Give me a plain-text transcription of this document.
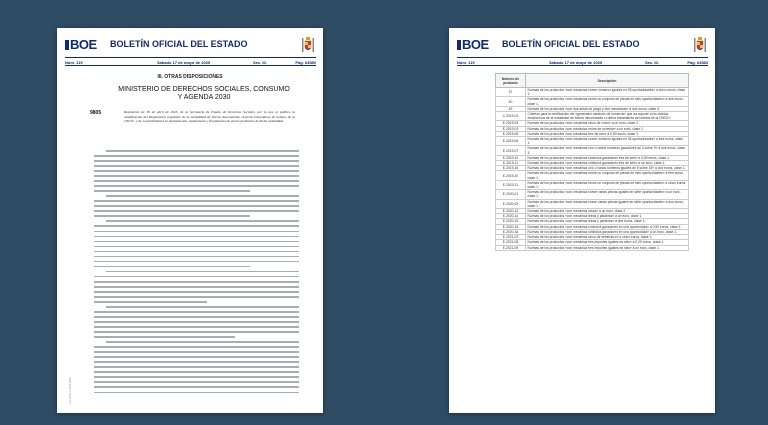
BOE BOLETÍN OFICIAL DEL ESTADO
Núm. 119	Sábado 17 de mayo de 2025	Sec. III.	Pág. 64580
III. OTRAS DISPOSICIONES
MINISTERIO DE DERECHOS SOCIALES, CONSUMO Y AGENDA 2030
9805	Resolución de 30 de abril de 2025, de la Secretaría de Estado de Derechos Sociales, por la que se publica la modificación del Reglamento regulador de la modalidad de lotería denominada «Lotería instantánea de boletos de la ONCE» y de su publicidad a la implantación, lanzamiento y finalización de varios productos de dicha modalidad.
cve: BOE-A-2025-9805
BOE BOLETÍN OFICIAL DEL ESTADO
Núm. 119	Sábado 17 de mayo de 2025	Sec. III.	Pág. 64583
Número de producto	Descripción
37	Normas de los productos «con mecánica nueve números iguales en 45 oportunidades» a cinco euros, clase 1.
40	Normas de los productos «con mecánica reúne un conjunto de piezas en seis oportunidades» a dos euros, clase 1.
49	Normas de los productos «con dos áreas de juego y dos mecánicas» a dos euros, clase 5.
C-2019-01	Criterios para la certificación del «generador aleatorio de números» que da soporte a los boletos electrónicos de la modalidad de lotería denominada «Lotería instantánea de boletos de la ONCE».
E-2019-03	Normas de los productos «con mecánica cinco de cinco» a un euro, clase 2.
E-2019-04	Normas de los productos «con mecánica reúne de ochenta» a un euro, clase 1.
E-2019-05	Normas de los productos «con mecánica tres de tres» a 0,50 euros, clase 1.
E-2019-06	Normas de los productos «con mecánica nueve números iguales en 45 oportunidades» a tres euros, clase 1.
E-2019-07	Normas de los productos «con mecánica uno o varios números ganadores de 3 sobre 9» a dos euros, clase 3.
E-2019-10	Normas de los productos «con mecánica símbolos ganadores tres de seis» a 0,50 euros, clase 1.
E-2019-11	Normas de los productos «con mecánica símbolos ganadores tres de seis» a un euro, clase 1.
E-2019-16	Normas de los productos «con mecánica uno o varios números iguales de 5 sobre 15» a dos euros, clase 1.
E-2019-20	Normas de los productos «con mecánica reúne un conjunto de piezas en seis oportunidades» a tres euros, clase 1.
E-2019-21	Normas de los productos «con mecánica reúne un conjunto de piezas en seis oportunidades» a cinco euros, clase 1.
E-2020-01	Normas de los productos «con mecánica nueve varias piezas iguales en siete oportunidades» a un euro, clase 1.
E-2020-03	Normas de los productos «con mecánica nueve varias piezas iguales en siete oportunidades» a dos euros, clase 1.
E-2020-12	Normas de los productos «con mecánica rasca» a un euro, clase 2.
E-2020-14	Normas de los productos «con mecánica letras y palabras» a un euro, clase 1.
E-2020-15	Normas de los productos «con mecánica letras y palabras» a dos euros, clase 1.
E-2020-16	Normas de los productos «con mecánica símbolos ganadores en una oportunidad» a 0,50 euros, clase 1.
E-2020-18	Normas de los productos «con mecánica símbolos ganadores en una oportunidad» a un euro, clase 1.
E-2021-02	Normas de los productos «con mecánica cinco de veinticinco» a cinco euros, clase 1.
E-2021-08	Normas de los productos «con mecánica tres importes iguales de seis» a 0,25 euros, clase 1.
E-2021-09	Normas de los productos «con mecánica tres importes iguales de seis» a un euro, clase 1.
